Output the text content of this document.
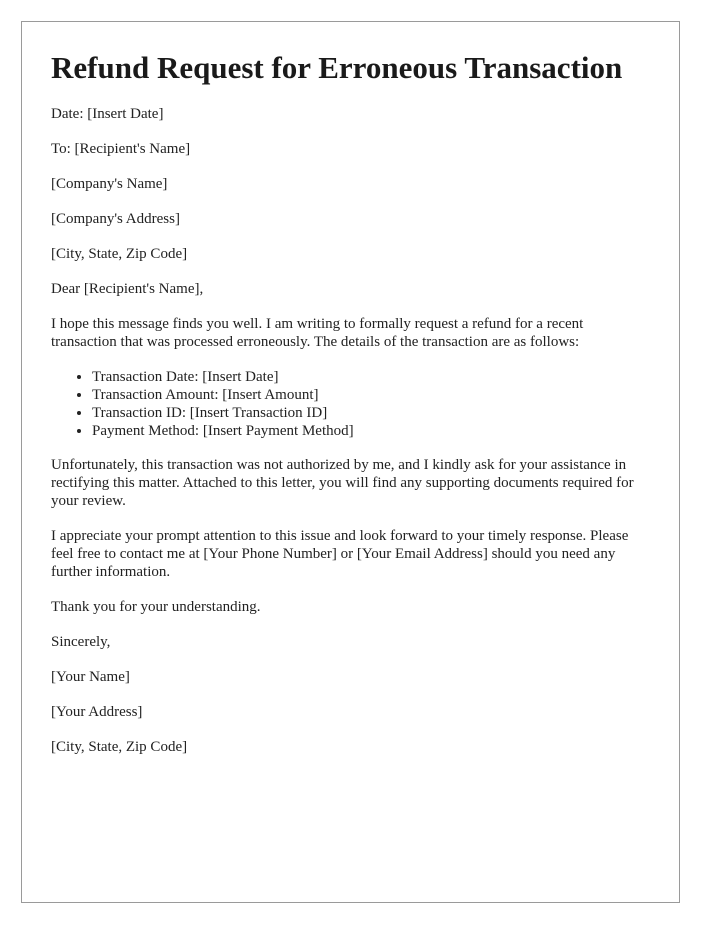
Refund Request for Erroneous Transaction

Date: [Insert Date]

To: [Recipient's Name]

[Company's Name]

[Company's Address]

[City, State, Zip Code]

Dear [Recipient's Name],

I hope this message finds you well. I am writing to formally request a refund for a recent transaction that was processed erroneously. The details of the transaction are as follows:

• Transaction Date: [Insert Date]
• Transaction Amount: [Insert Amount]
• Transaction ID: [Insert Transaction ID]
• Payment Method: [Insert Payment Method]

Unfortunately, this transaction was not authorized by me, and I kindly ask for your assistance in rectifying this matter. Attached to this letter, you will find any supporting documents required for your review.

I appreciate your prompt attention to this issue and look forward to your timely response. Please feel free to contact me at [Your Phone Number] or [Your Email Address] should you need any further information.

Thank you for your understanding.

Sincerely,

[Your Name]

[Your Address]

[City, State, Zip Code]
